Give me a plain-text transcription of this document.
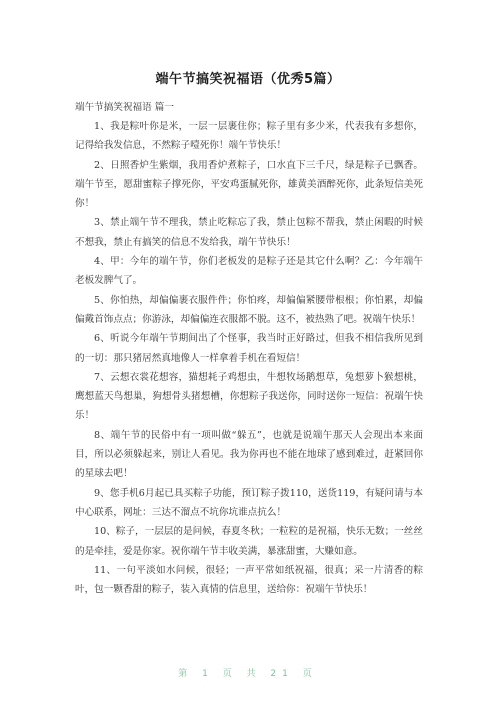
端午节搞笑祝福语（优秀5篇）
端午节搞笑祝福语 篇一

1、我是粽叶你是米，一层一层裹住你；粽子里有多少米，代表我有多想你，记得给我发信息，不然粽子噎死你！端午节快乐！

2、日照香炉生紫烟，我用香炉煮粽子，口水直下三千尺，绿是粽子已飘香。端午节至，愿甜蜜粽子撑死你，平安鸡蛋腻死你，雄黄美酒醉死你，此条短信美死你！

3、禁止端午节不理我，禁止吃粽忘了我，禁止包粽不帮我，禁止闲暇的时候不想我，禁止有搞笑的信息不发给我，端午节快乐！

4、甲：今年的端午节，你们老板发的是粽子还是其它什么啊？乙：今年端午老板发脾气了。

5、你怕热，却偏偏裹衣服件件；你怕疼，却偏偏紧腰带根根；你怕累，却偏偏戴首饰点点；你游泳，却偏偏连衣服都不脱。这不，被热熟了吧。祝端午快乐！

6、听说今年端午节期间出了个怪事，我当时正好路过，但我不相信我所见到的一切：那只猪居然真地像人一样拿着手机在看短信！

7、云想衣裳花想容，猫想耗子鸡想虫，牛想牧场鹅想草，兔想萝卜猴想桃，鹰想蓝天鸟想巢，狗想骨头猪想槽，你想粽子我送你，同时送你一短信：祝端午快乐！

8、端午节的民俗中有一项叫做“躲五”，也就是说端午那天人会现出本来面目，所以必须躲起来，别让人看见。我为你再也不能在地球了感到难过，赶紧回你的星球去吧！

9、您手机6月起已具买粽子功能，预订粽子拨110，送货119，有疑问请与本中心联系，网址：三达不溜点不坑你坑谁点抗么！

10、粽子，一层层的是问候，春夏冬秋；一粒粒的是祝福，快乐无数；一丝丝的是牵挂，爱是你家。祝你端午节丰收美满，暴涨甜蜜，大赚如意。

11、一句平淡如水问候，很轻；一声平常如纸祝福，很真；采一片清香的粽叶，包一颗香甜的粽子，装入真情的信息里，送给你：祝端午节快乐！

第 1 页 共 21 页
